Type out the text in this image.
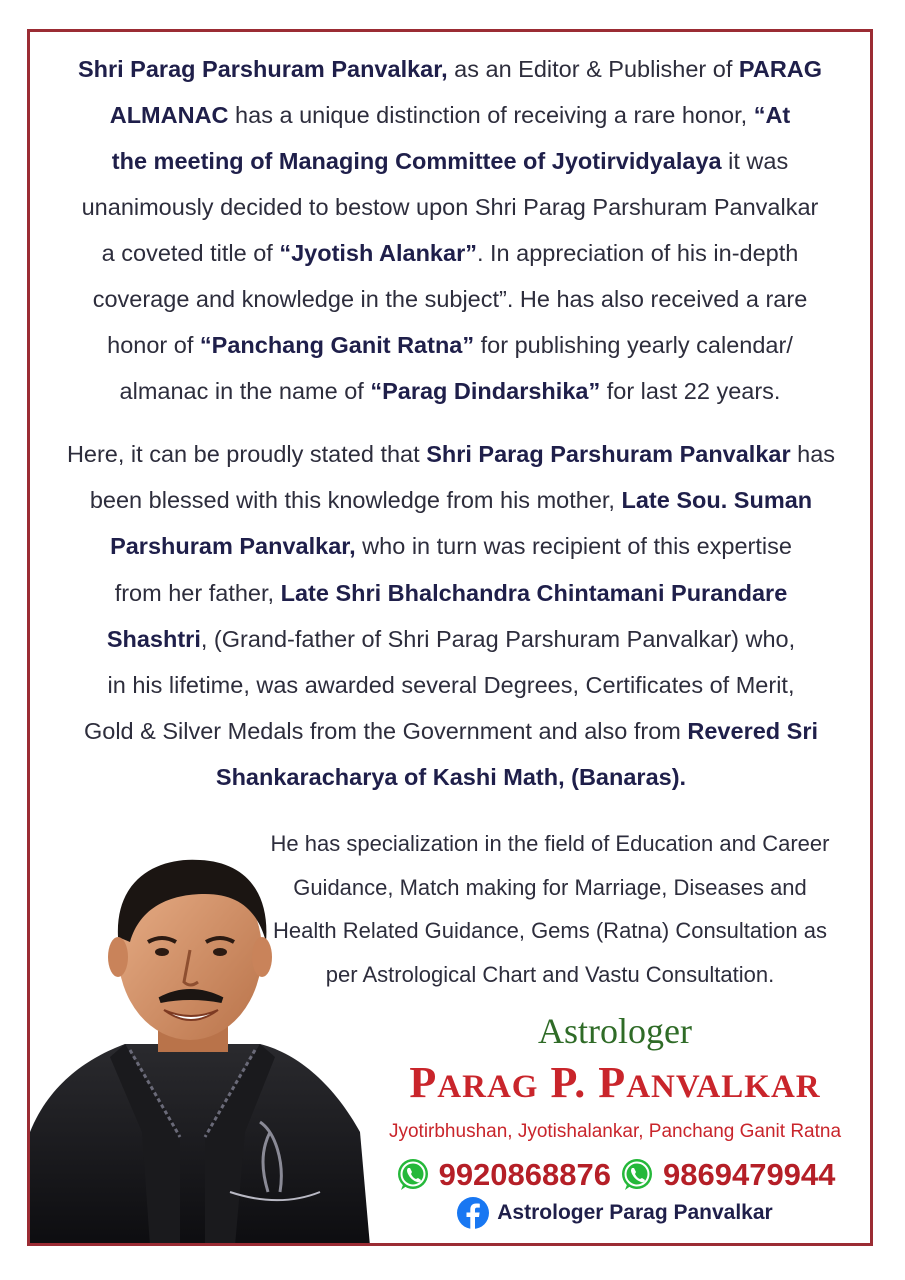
Shri Parag Parshuram Panvalkar, as an Editor & Publisher of PARAG
ALMANAC has a unique distinction of receiving a rare honor, “At
the meeting of Managing Committee of Jyotirvidyalaya it was
unanimously decided to bestow upon Shri Parag Parshuram Panvalkar
a coveted title of “Jyotish Alankar”. In appreciation of his in-depth
coverage and knowledge in the subject”. He has also received a rare
honor of “Panchang Ganit Ratna” for publishing yearly calendar/
almanac in the name of “Parag Dindarshika” for last 22 years.
Here, it can be proudly stated that Shri Parag Parshuram Panvalkar has
been blessed with this knowledge from his mother, Late Sou. Suman
Parshuram Panvalkar, who in turn was recipient of this expertise
from her father, Late Shri Bhalchandra Chintamani Purandare
Shashtri, (Grand-father of Shri Parag Parshuram Panvalkar) who,
in his lifetime, was awarded several Degrees, Certificates of Merit,
Gold & Silver Medals from the Government and also from Revered Sri
Shankaracharya of Kashi Math, (Banaras).
He has specialization in the field of Education and Career
Guidance, Match making for Marriage, Diseases and
Health Related Guidance, Gems (Ratna) Consultation as
per Astrological Chart and Vastu Consultation.
Astrologer
PARAG P. PANVALKAR
Jyotirbhushan, Jyotishalankar, Panchang Ganit Ratna
9920868876 9869479944
Astrologer Parag Panvalkar
